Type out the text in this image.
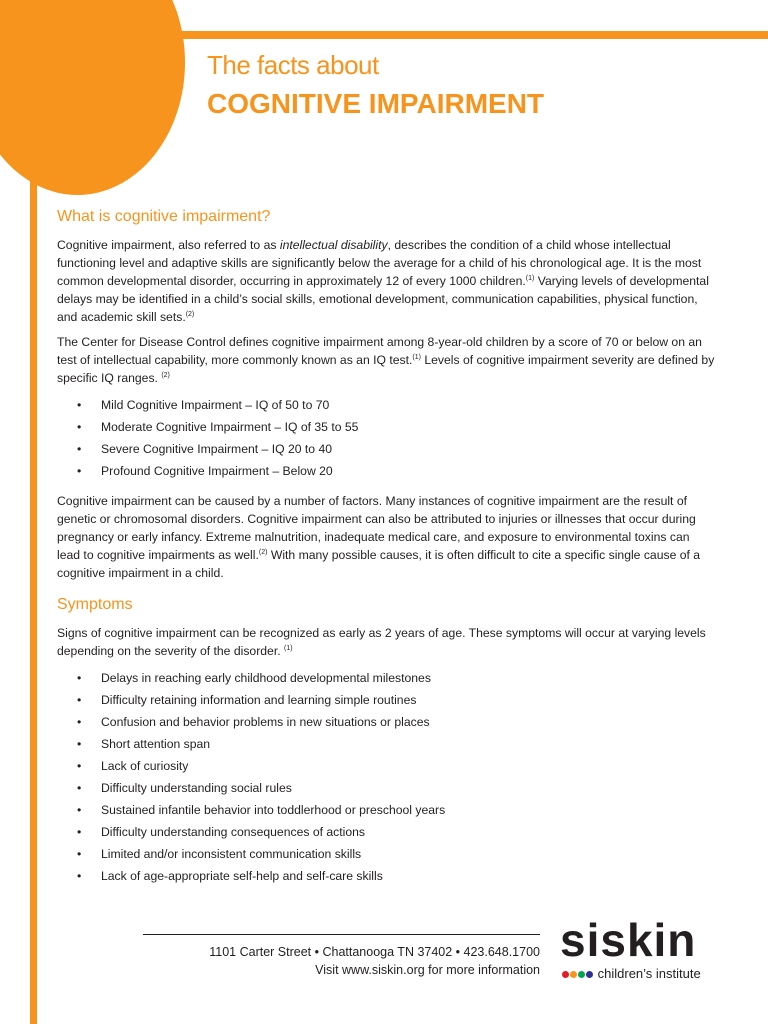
The facts about
COGNITIVE IMPAIRMENT
What is cognitive impairment?

Cognitive impairment, also referred to as intellectual disability, describes the condition of a child whose intellectual functioning level and adaptive skills are significantly below the average for a child of his chronological age. It is the most common developmental disorder, occurring in approximately 12 of every 1000 children.$^{(1)}$ Varying levels of developmental delays may be identified in a child’s social skills, emotional development, communication capabilities, physical function, and academic skill sets.$^{(2)}$

The Center for Disease Control defines cognitive impairment among 8-year-old children by a score of 70 or below on an test of intellectual capability, more commonly known as an IQ test.$^{(1)}$ Levels of cognitive impairment severity are defined by specific IQ ranges. $^{(2)}$

• Mild Cognitive Impairment – IQ of 50 to 70
• Moderate Cognitive Impairment – IQ of 35 to 55
• Severe Cognitive Impairment – IQ 20 to 40
• Profound Cognitive Impairment – Below 20

Cognitive impairment can be caused by a number of factors. Many instances of cognitive impairment are the result of genetic or chromosomal disorders. Cognitive impairment can also be attributed to injuries or illnesses that occur during pregnancy or early infancy. Extreme malnutrition, inadequate medical care, and exposure to environmental toxins can lead to cognitive impairments as well.$^{(2)}$ With many possible causes, it is often difficult to cite a specific single cause of a cognitive impairment in a child.

Symptoms

Signs of cognitive impairment can be recognized as early as 2 years of age. These symptoms will occur at varying levels depending on the severity of the disorder. $^{(1)}$

• Delays in reaching early childhood developmental milestones
• Difficulty retaining information and learning simple routines
• Confusion and behavior problems in new situations or places
• Short attention span
• Lack of curiosity
• Difficulty understanding social rules
• Sustained infantile behavior into toddlerhood or preschool years
• Difficulty understanding consequences of actions
• Limited and/or inconsistent communication skills
• Lack of age-appropriate self-help and self-care skills
1101 Carter Street • Chattanooga TN 37402 • 423.648.1700
Visit www.siskin.org for more information
siskin
children’s institute
